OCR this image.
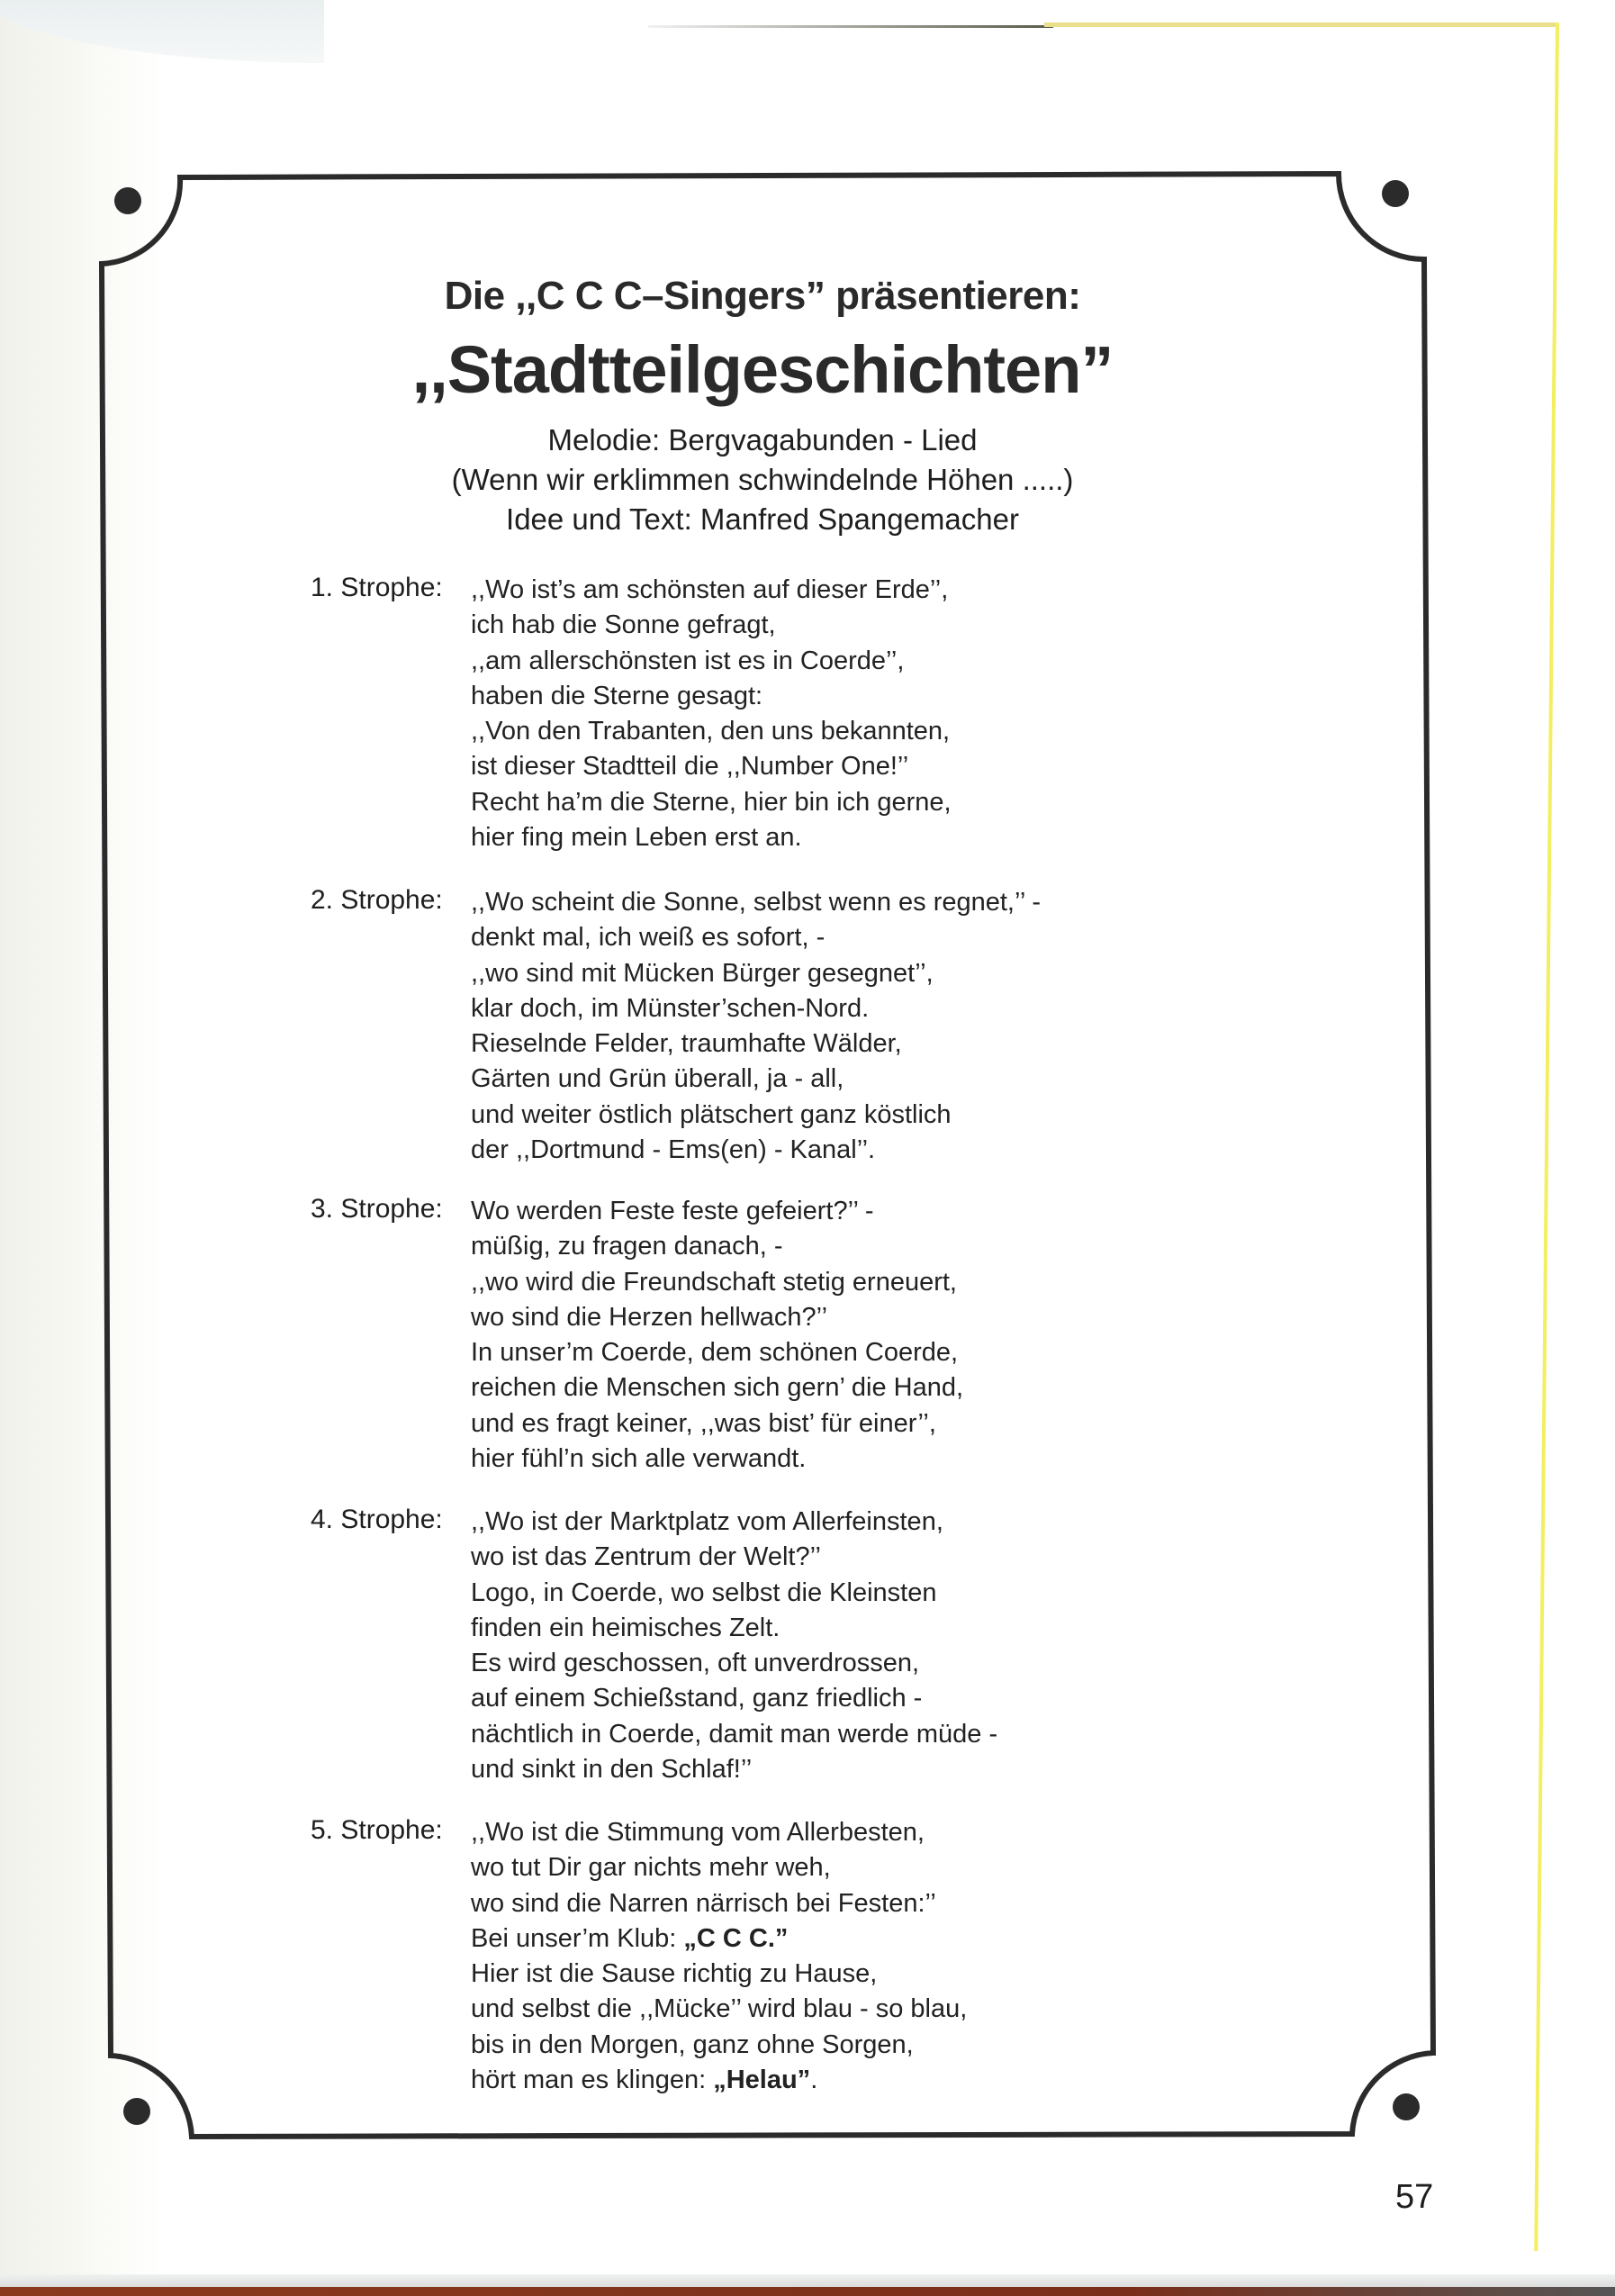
Die ,,C C C–Singers” präsentieren:
,,Stadtteilgeschichten”
Melodie: Bergvagabunden - Lied
(Wenn wir erklimmen schwindelnde Höhen .....)
Idee und Text: Manfred Spangemacher
1. Strophe: ,,Wo ist’s am schönsten auf dieser Erde’’,
ich hab die Sonne gefragt,
,,am allerschönsten ist es in Coerde’’,
haben die Sterne gesagt:
,,Von den Trabanten, den uns bekannten,
ist dieser Stadtteil die ,,Number One!’’
Recht ha’m die Sterne, hier bin ich gerne,
hier fing mein Leben erst an.
2. Strophe: ,,Wo scheint die Sonne, selbst wenn es regnet,’’ -
denkt mal, ich weiß es sofort, -
,,wo sind mit Mücken Bürger gesegnet’’,
klar doch, im Münster’schen-Nord.
Rieselnde Felder, traumhafte Wälder,
Gärten und Grün überall, ja - all,
und weiter östlich plätschert ganz köstlich
der ,,Dortmund - Ems(en) - Kanal’’.
3. Strophe: Wo werden Feste feste gefeiert?’’ -
müßig, zu fragen danach, -
,,wo wird die Freundschaft stetig erneuert,
wo sind die Herzen hellwach?’’
In unser’m Coerde, dem schönen Coerde,
reichen die Menschen sich gern’ die Hand,
und es fragt keiner, ,,was bist’ für einer’’,
hier fühl’n sich alle verwandt.
4. Strophe: ,,Wo ist der Marktplatz vom Allerfeinsten,
wo ist das Zentrum der Welt?’’
Logo, in Coerde, wo selbst die Kleinsten
finden ein heimisches Zelt.
Es wird geschossen, oft unverdrossen,
auf einem Schießstand, ganz friedlich -
nächtlich in Coerde, damit man werde müde -
und sinkt in den Schlaf!’’
5. Strophe: ,,Wo ist die Stimmung vom Allerbesten,
wo tut Dir gar nichts mehr weh,
wo sind die Narren närrisch bei Festen:’’
Bei unser’m Klub: „C C C.”
Hier ist die Sause richtig zu Hause,
und selbst die ,,Mücke’’ wird blau - so blau,
bis in den Morgen, ganz ohne Sorgen,
hört man es klingen: „Helau”.
57
